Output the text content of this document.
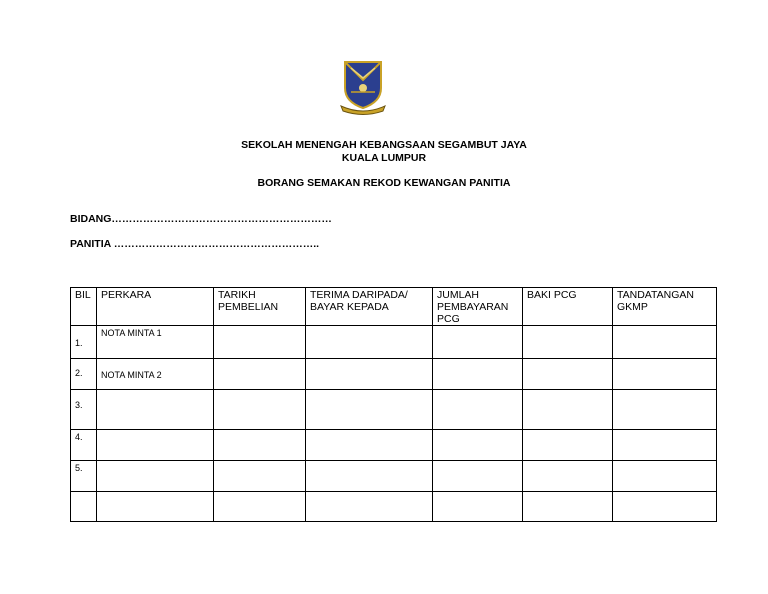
SEKOLAH MENENGAH KEBANGSAAN SEGAMBUT JAYA
KUALA LUMPUR
BORANG SEMAKAN REKOD KEWANGAN PANITIA
BIDANG………………………………………………………
PANITIA …………………………………………………..
BIL	PERKARA	TARIKH PEMBELIAN	TERIMA DARIPADA/ BAYAR KEPADA	JUMLAH PEMBAYARAN PCG	BAKI PCG	TANDATANGAN GKMP
1.	NOTA MINTA 1					
2.	NOTA MINTA 2					
3.						
4.						
5.						
